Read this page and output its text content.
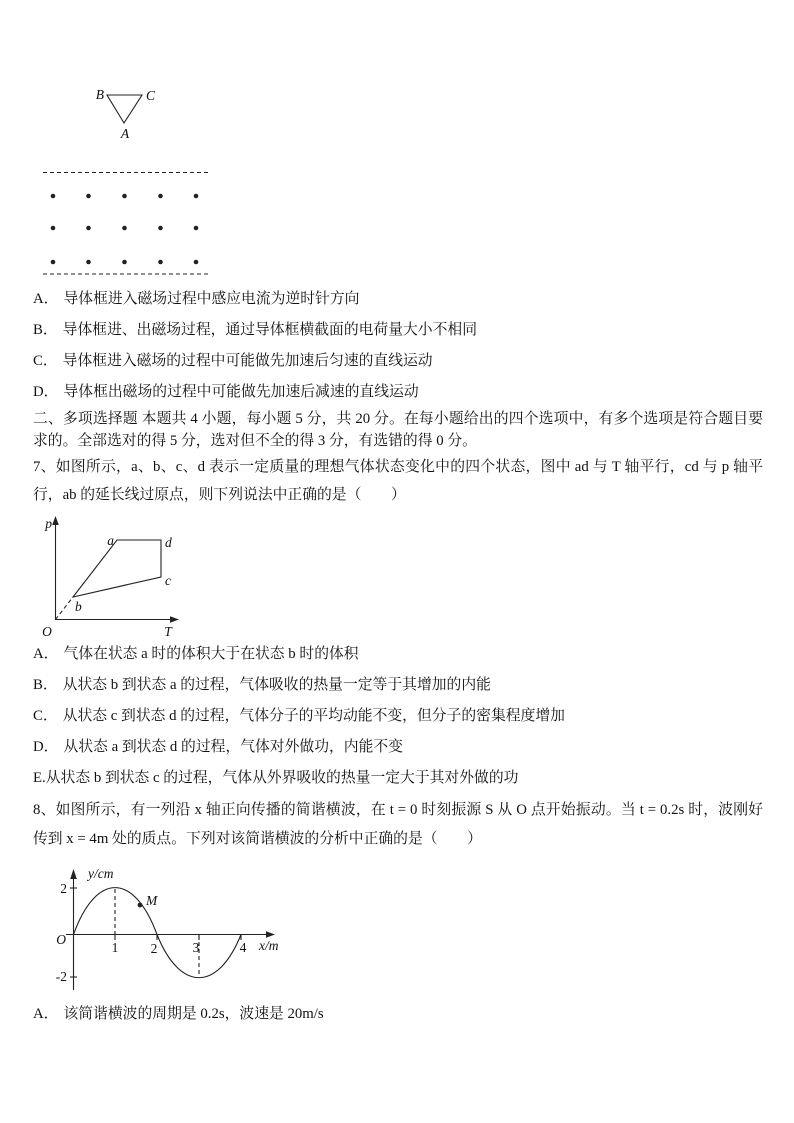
B	C
A
A． 导体框进入磁场过程中感应电流为逆时针方向
B． 导体框进、出磁场过程，通过导体框横截面的电荷量大小不相同
C． 导体框进入磁场的过程中可能做先加速后匀速的直线运动
D． 导体框出磁场的过程中可能做先加速后减速的直线运动

二、多项选择题 本题共 4 小题，每小题 5 分，共 20 分。在每小题给出的四个选项中，有多个选项是符合题目要求的。全部选对的得 5 分，选对但不全的得 3 分，有选错的得 0 分。

7、如图所示，a、b、c、d 表示一定质量的理想气体状态变化中的四个状态，图中 ad 与 T 轴平行，cd 与 p 轴平行，ab 的延长线过原点，则下列说法中正确的是（　　）

p
T
O
a
b
c
d
A． 气体在状态 a 时的体积大于在状态 b 时的体积
B． 从状态 b 到状态 a 的过程，气体吸收的热量一定等于其增加的内能
C． 从状态 c 到状态 d 的过程，气体分子的平均动能不变，但分子的密集程度增加
D． 从状态 a 到状态 d 的过程，气体对外做功，内能不变
E.从状态 b 到状态 c 的过程，气体从外界吸收的热量一定大于其对外做的功

8、如图所示，有一列沿 x 轴正向传播的简谐横波，在 t = 0 时刻振源 S 从 O 点开始振动。当 t = 0.2s 时，波刚好传到 x = 4m 处的质点。下列对该简谐横波的分析中正确的是（　　）

M
y/cm
x/m
O
2
-2
1 2	3	4
A． 该简谐横波的周期是 0.2s，波速是 20m/s
